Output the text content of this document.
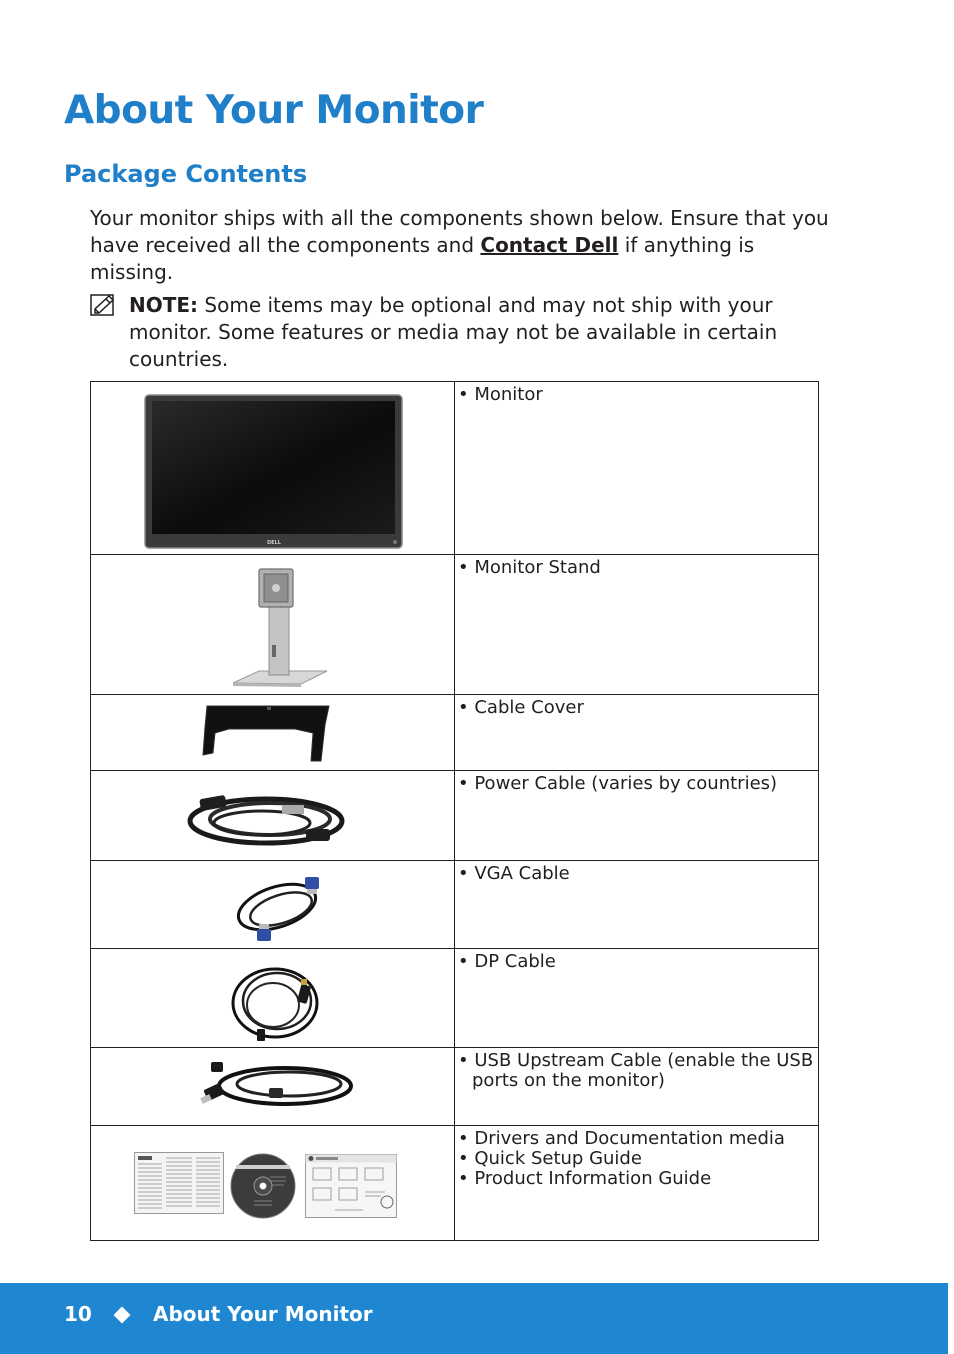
About Your Monitor
Package Contents

Your monitor ships with all the components shown below. Ensure that you have received all the components and Contact Dell if anything is missing.

NOTE: Some items may be optional and may not ship with your monitor. Some features or media may not be available in certain countries.

DELL	• Monitor

• Monitor Stand

• Cable Cover

• Power Cable (varies by countries)

• VGA Cable

• DP Cable

• USB Upstream Cable (enable the USB ports on the monitor)

• Drivers and Documentation media
• Quick Setup Guide
• Product Information Guide
10	About Your Monitor
